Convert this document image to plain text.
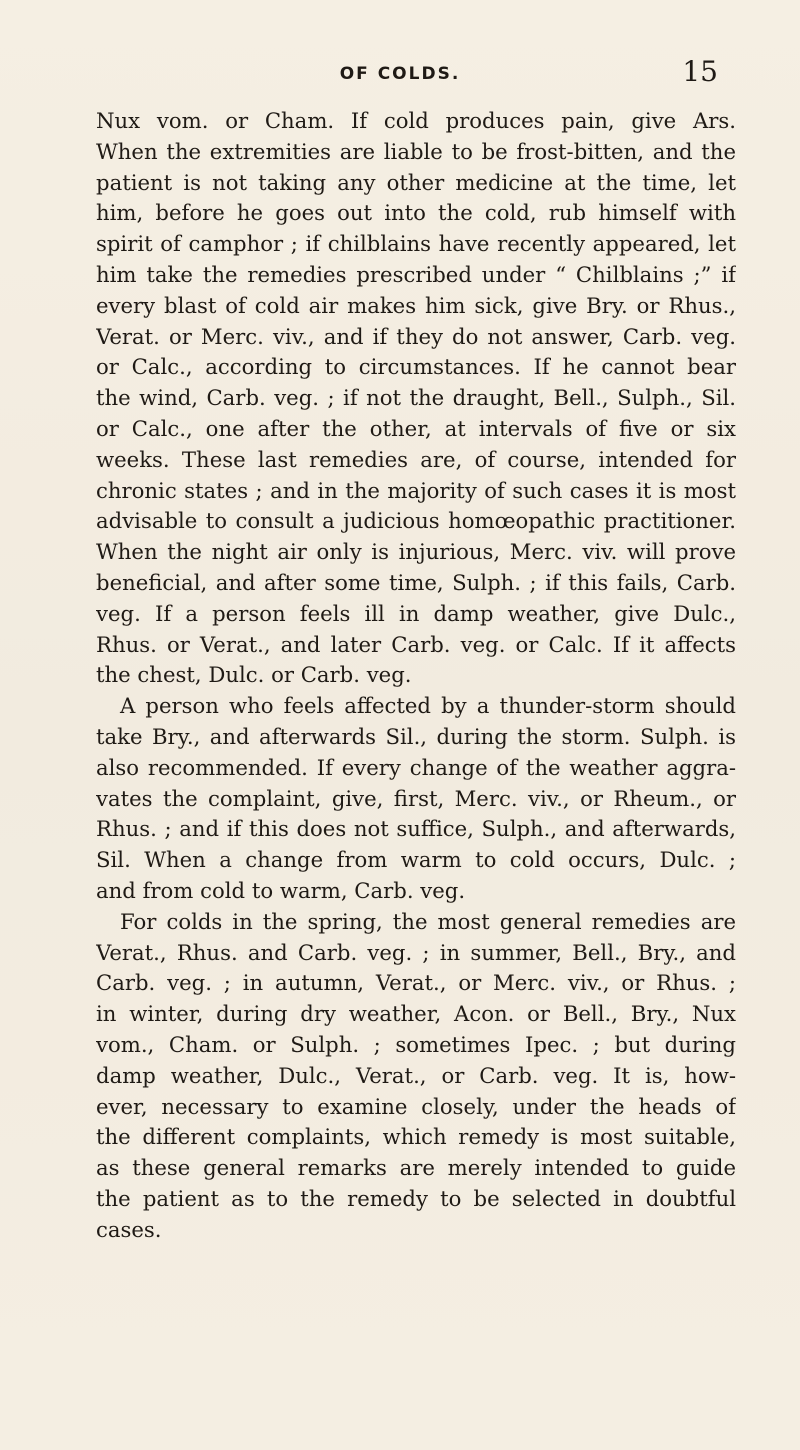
OF COLDS.	15
Nux vom. or Cham. If cold produces pain, give Ars.
When the extremities are liable to be frost-bitten, and the
patient is not taking any other medicine at the time, let
him, before he goes out into the cold, rub himself with
spirit of camphor ; if chilblains have recently appeared, let
him take the remedies prescribed under “ Chilblains ;” if
every blast of cold air makes him sick, give Bry. or Rhus.,
Verat. or Merc. viv., and if they do not answer, Carb. veg.
or Calc., according to circumstances. If he cannot bear
the wind, Carb. veg. ; if not the draught, Bell., Sulph., Sil.
or Calc., one after the other, at intervals of five or six
weeks. These last remedies are, of course, intended for
chronic states ; and in the majority of such cases it is most
advisable to consult a judicious homœopathic practitioner.
When the night air only is injurious, Merc. viv. will prove
beneficial, and after some time, Sulph. ; if this fails, Carb.
veg. If a person feels ill in damp weather, give Dulc.,
Rhus. or Verat., and later Carb. veg. or Calc. If it affects
the chest, Dulc. or Carb. veg.
A person who feels affected by a thunder-storm should
take Bry., and afterwards Sil., during the storm. Sulph. is
also recommended. If every change of the weather aggra-
vates the complaint, give, first, Merc. viv., or Rheum., or
Rhus. ; and if this does not suffice, Sulph., and afterwards,
Sil. When a change from warm to cold occurs, Dulc. ;
and from cold to warm, Carb. veg.
For colds in the spring, the most general remedies are
Verat., Rhus. and Carb. veg. ; in summer, Bell., Bry., and
Carb. veg. ; in autumn, Verat., or Merc. viv., or Rhus. ;
in winter, during dry weather, Acon. or Bell., Bry., Nux
vom., Cham. or Sulph. ; sometimes Ipec. ; but during
damp weather, Dulc., Verat., or Carb. veg. It is, how-
ever, necessary to examine closely, under the heads of
the different complaints, which remedy is most suitable,
as these general remarks are merely intended to guide
the patient as to the remedy to be selected in doubtful
cases.
